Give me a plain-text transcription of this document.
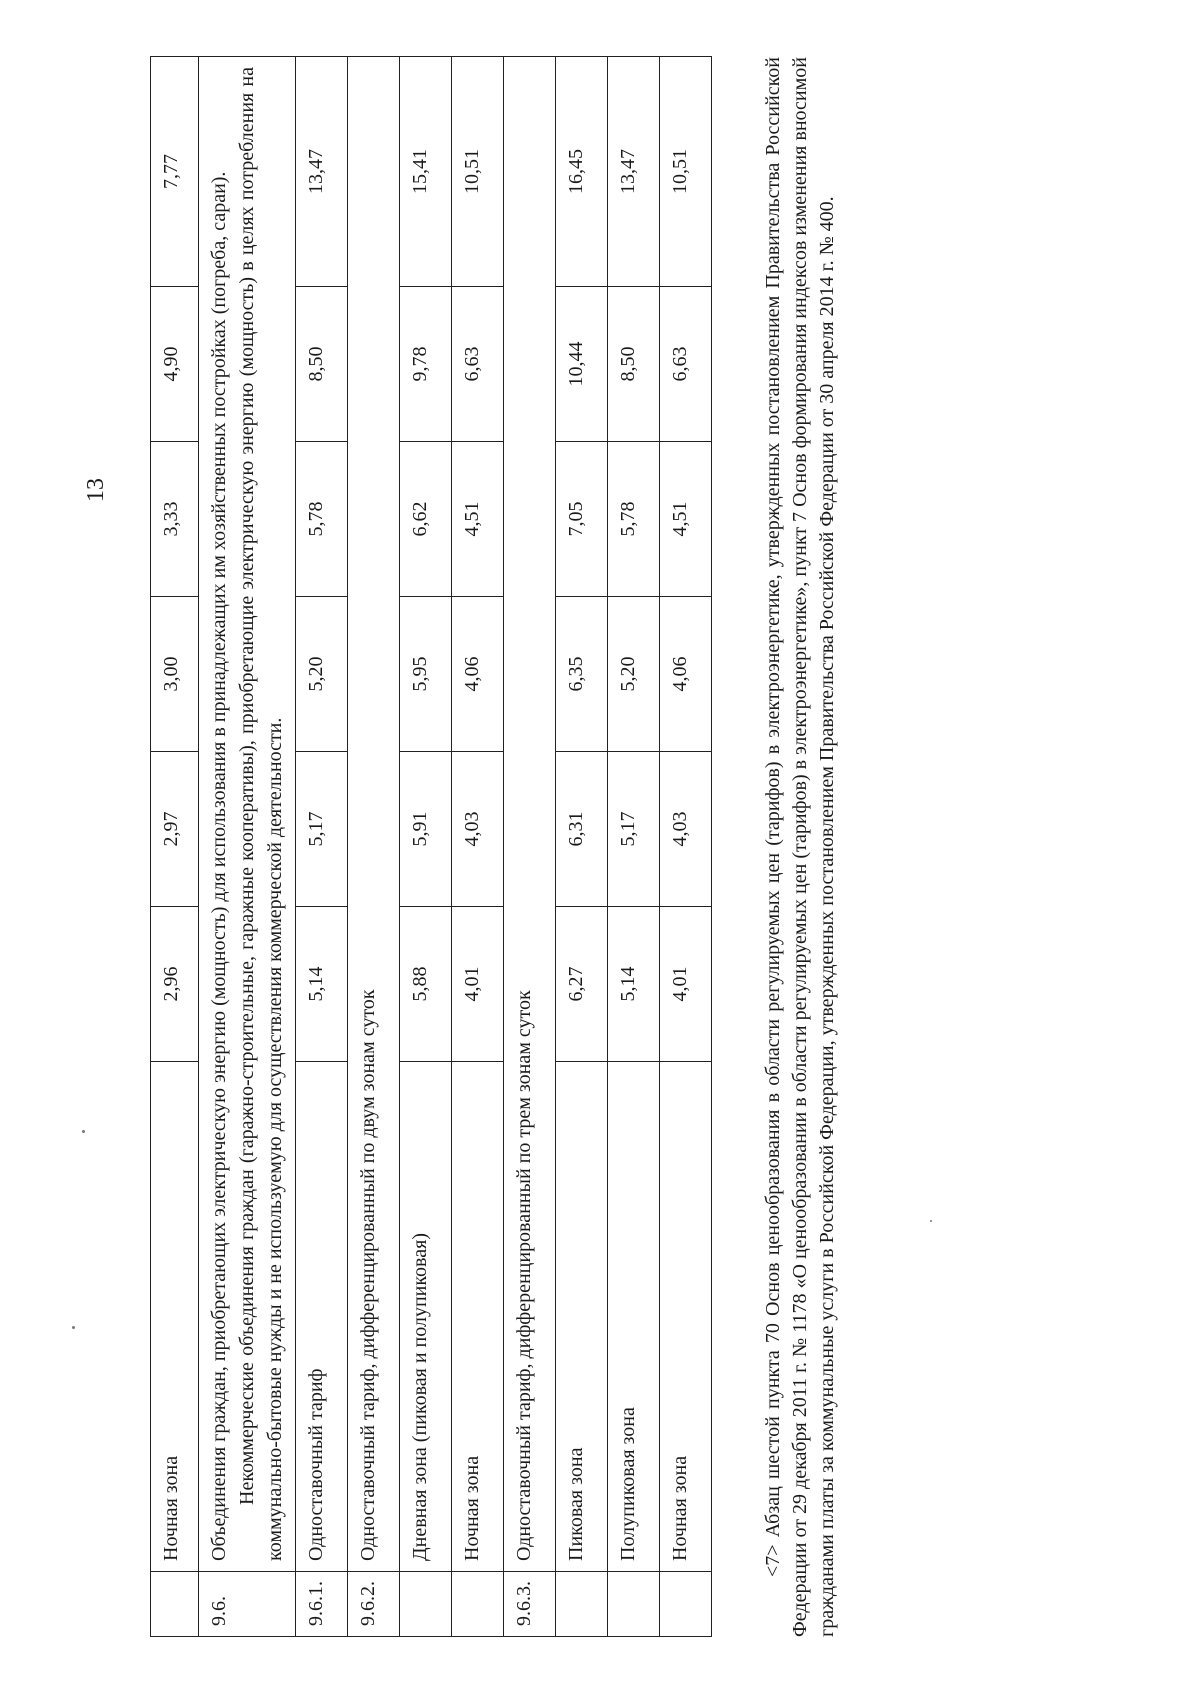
13
	Ночная зона	2,96	2,97	3,00	3,33	4,90	7,77
9.6.	Объединения граждан, приобретающих электрическую энергию (мощность) для использования в принадлежащих им хозяйственных постройках (погреба, сараи). Некоммерческие объединения граждан (гаражно-строительные, гаражные кооперативы), приобретающие электрическую энергию (мощность) в целях потребления на коммунально-бытовые нужды и не используемую для осуществления коммерческой деятельности.						

9.6.1.	Одноставочный тариф	5,14	5,17	5,20	5,78	8,50	13,47
9.6.2.	Одноставочный тариф, дифференцированный по двум зонам суток						
	Дневная зона (пиковая и полупиковая)	5,88	5,91	5,95	6,62	9,78	15,41
	Ночная зона	4,01	4,03	4,06	4,51	6,63	10,51
9.6.3.	Одноставочный тариф, дифференцированный по трем зонам суток						
	Пиковая зона	6,27	6,31	6,35	7,05	10,44	16,45
	Полупиковая зона	5,14	5,17	5,20	5,78	8,50	13,47
	Ночная зона	4,01	4,03	4,06	4,51	6,63	10,51	<7> Абзац шестой пункта 70 Основ ценообразования в области регулируемых цен (тарифов) в электроэнергетике, утвержденных постановлением Правительства Российской Федерации от 29 декабря 2011 г. № 1178 «О ценообразовании в области регулируемых цен (тарифов) в электроэнергетике», пункт 7 Основ формирования индексов изменения вносимой гражданами платы за коммунальные услуги в Российской Федерации, утвержденных постановлением Правительства Российской Федерации от 30 апреля 2014 г. № 400.
